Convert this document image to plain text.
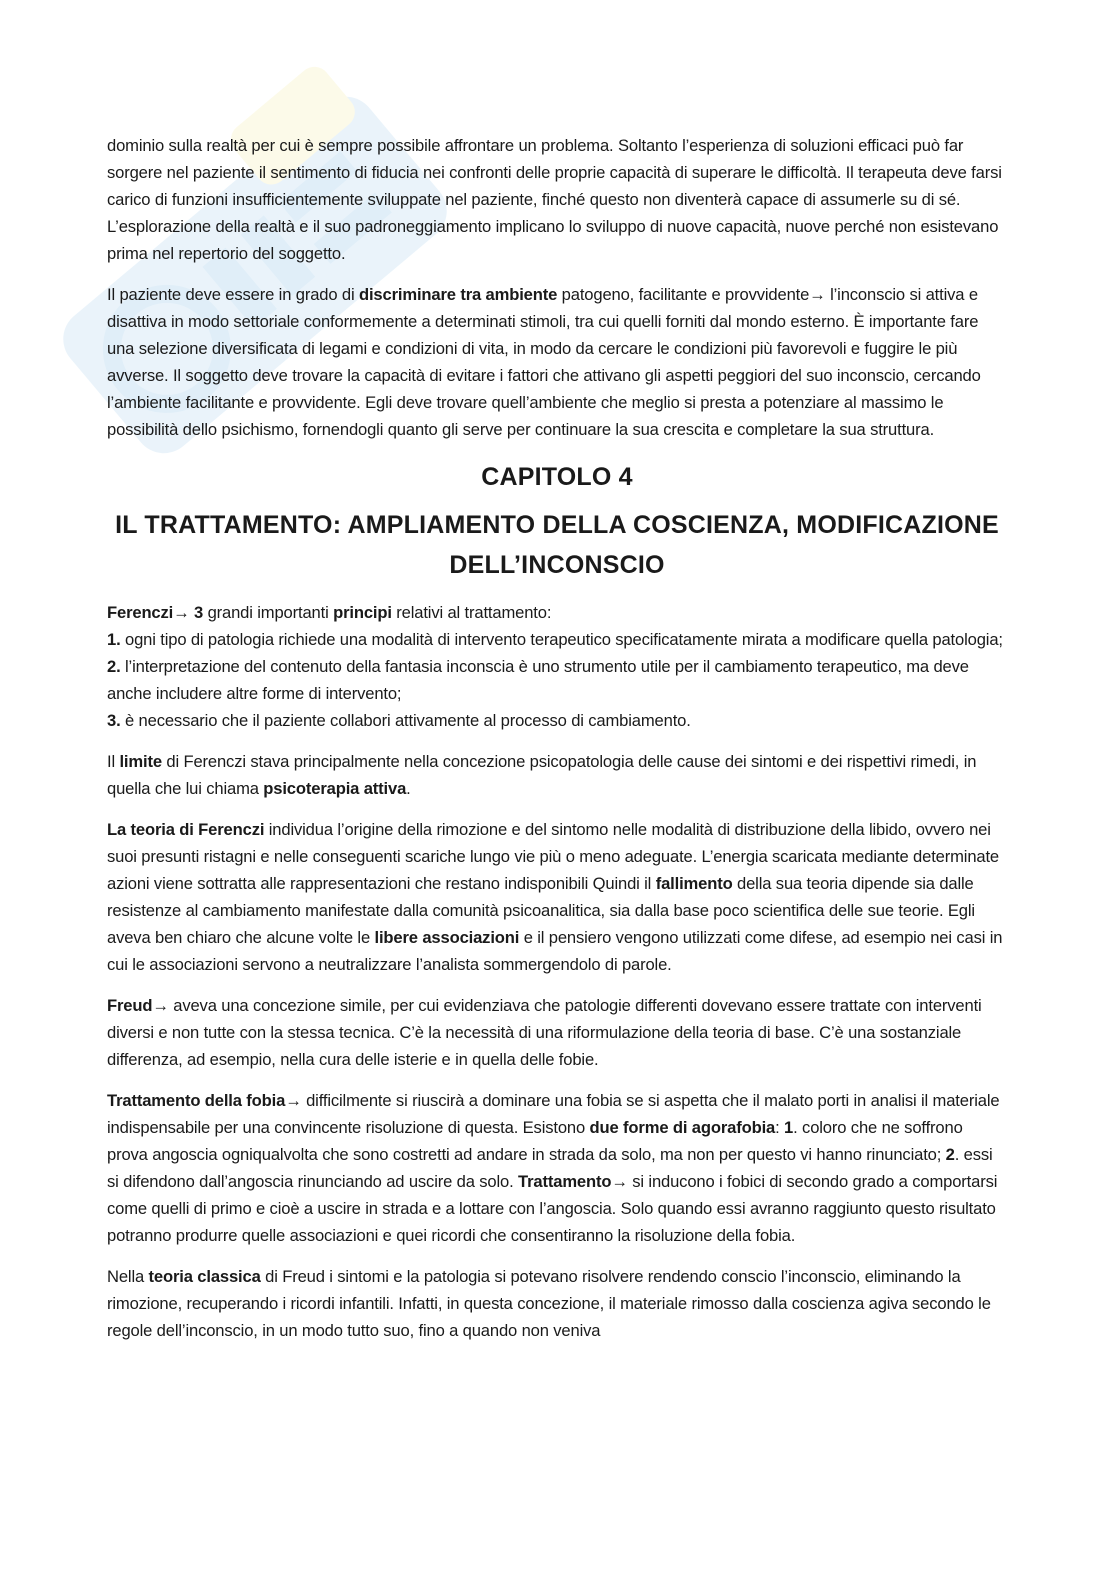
dominio sulla realtà per cui è sempre possibile affrontare un problema. Soltanto l’esperienza di soluzioni efficaci può far sorgere nel paziente il sentimento di fiducia nei confronti delle proprie capacità di superare le difficoltà. Il terapeuta deve farsi carico di funzioni insufficientemente sviluppate nel paziente, finché questo non diventerà capace di assumerle su di sé. L’esplorazione della realtà e il suo padroneggiamento implicano lo sviluppo di nuove capacità, nuove perché non esistevano prima nel repertorio del soggetto.

Il paziente deve essere in grado di discriminare tra ambiente patogeno, facilitante e provvidente→ l’inconscio si attiva e disattiva in modo settoriale conformemente a determinati stimoli, tra cui quelli forniti dal mondo esterno. È importante fare una selezione diversificata di legami e condizioni di vita, in modo da cercare le condizioni più favorevoli e fuggire le più avverse. Il soggetto deve trovare la capacità di evitare i fattori che attivano gli aspetti peggiori del suo inconscio, cercando l’ambiente facilitante e provvidente. Egli deve trovare quell’ambiente che meglio si presta a potenziare al massimo le possibilità dello psichismo, fornendogli quanto gli serve per continuare la sua crescita e completare la sua struttura.

CAPITOLO 4
IL TRATTAMENTO: AMPLIAMENTO DELLA COSCIENZA, MODIFICAZIONE DELL’INCONSCIO

Ferenczi→ 3 grandi importanti principi relativi al trattamento:

1. ogni tipo di patologia richiede una modalità di intervento terapeutico specificatamente mirata a modificare quella patologia;

2. l’interpretazione del contenuto della fantasia inconscia è uno strumento utile per il cambiamento terapeutico, ma deve anche includere altre forme di intervento;

3. è necessario che il paziente collabori attivamente al processo di cambiamento.

Il limite di Ferenczi stava principalmente nella concezione psicopatologia delle cause dei sintomi e dei rispettivi rimedi, in quella che lui chiama psicoterapia attiva.

La teoria di Ferenczi individua l’origine della rimozione e del sintomo nelle modalità di distribuzione della libido, ovvero nei suoi presunti ristagni e nelle conseguenti scariche lungo vie più o meno adeguate. L’energia scaricata mediante determinate azioni viene sottratta alle rappresentazioni che restano indisponibili Quindi il fallimento della sua teoria dipende sia dalle resistenze al cambiamento manifestate dalla comunità psicoanalitica, sia dalla base poco scientifica delle sue teorie. Egli aveva ben chiaro che alcune volte le libere associazioni e il pensiero vengono utilizzati come difese, ad esempio nei casi in cui le associazioni servono a neutralizzare l’analista sommergendolo di parole.

Freud→ aveva una concezione simile, per cui evidenziava che patologie differenti dovevano essere trattate con interventi diversi e non tutte con la stessa tecnica. C’è la necessità di una riformulazione della teoria di base. C’è una sostanziale differenza, ad esempio, nella cura delle isterie e in quella delle fobie.

Trattamento della fobia→ difficilmente si riuscirà a dominare una fobia se si aspetta che il malato porti in analisi il materiale indispensabile per una convincente risoluzione di questa. Esistono due forme di agorafobia: 1. coloro che ne soffrono prova angoscia ogniqualvolta che sono costretti ad andare in strada da solo, ma non per questo vi hanno rinunciato; 2. essi si difendono dall’angoscia rinunciando ad uscire da solo. Trattamento→ si inducono i fobici di secondo grado a comportarsi come quelli di primo e cioè a uscire in strada e a lottare con l’angoscia. Solo quando essi avranno raggiunto questo risultato potranno produrre quelle associazioni e quei ricordi che consentiranno la risoluzione della fobia.

Nella teoria classica di Freud i sintomi e la patologia si potevano risolvere rendendo conscio l’inconscio, eliminando la rimozione, recuperando i ricordi infantili. Infatti, in questa concezione, il materiale rimosso dalla coscienza agiva secondo le regole dell’inconscio, in un modo tutto suo, fino a quando non veniva
